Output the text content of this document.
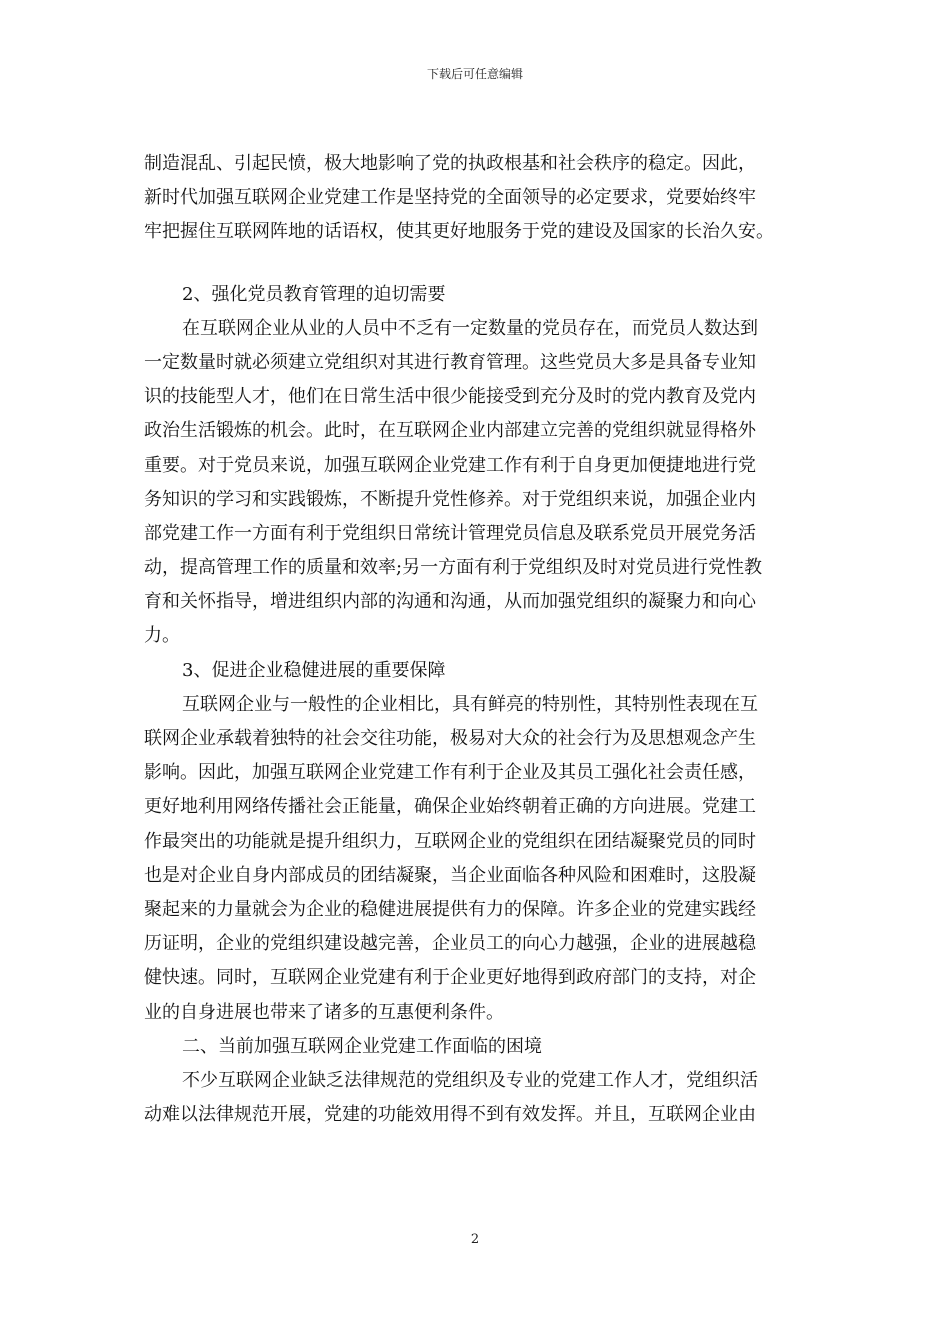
下载后可任意编辑
制造混乱、引起民愤，极大地影响了党的执政根基和社会秩序的稳定。因此，
新时代加强互联网企业党建工作是坚持党的全面领导的必定要求，党要始终牢
牢把握住互联网阵地的话语权，使其更好地服务于党的建设及国家的长治久安。
2、强化党员教育管理的迫切需要
在互联网企业从业的人员中不乏有一定数量的党员存在，而党员人数达到
一定数量时就必须建立党组织对其进行教育管理。这些党员大多是具备专业知
识的技能型人才，他们在日常生活中很少能接受到充分及时的党内教育及党内
政治生活锻炼的机会。此时，在互联网企业内部建立完善的党组织就显得格外
重要。对于党员来说，加强互联网企业党建工作有利于自身更加便捷地进行党
务知识的学习和实践锻炼，不断提升党性修养。对于党组织来说，加强企业内
部党建工作一方面有利于党组织日常统计管理党员信息及联系党员开展党务活
动，提高管理工作的质量和效率;另一方面有利于党组织及时对党员进行党性教
育和关怀指导，增进组织内部的沟通和沟通，从而加强党组织的凝聚力和向心
力。
3、促进企业稳健进展的重要保障
互联网企业与一般性的企业相比，具有鲜亮的特别性，其特别性表现在互
联网企业承载着独特的社会交往功能，极易对大众的社会行为及思想观念产生
影响。因此，加强互联网企业党建工作有利于企业及其员工强化社会责任感，
更好地利用网络传播社会正能量，确保企业始终朝着正确的方向进展。党建工
作最突出的功能就是提升组织力，互联网企业的党组织在团结凝聚党员的同时
也是对企业自身内部成员的团结凝聚，当企业面临各种风险和困难时，这股凝
聚起来的力量就会为企业的稳健进展提供有力的保障。许多企业的党建实践经
历证明，企业的党组织建设越完善，企业员工的向心力越强，企业的进展越稳
健快速。同时，互联网企业党建有利于企业更好地得到政府部门的支持，对企
业的自身进展也带来了诸多的互惠便利条件。
二、当前加强互联网企业党建工作面临的困境
不少互联网企业缺乏法律规范的党组织及专业的党建工作人才，党组织活
动难以法律规范开展，党建的功能效用得不到有效发挥。并且，互联网企业由
2
